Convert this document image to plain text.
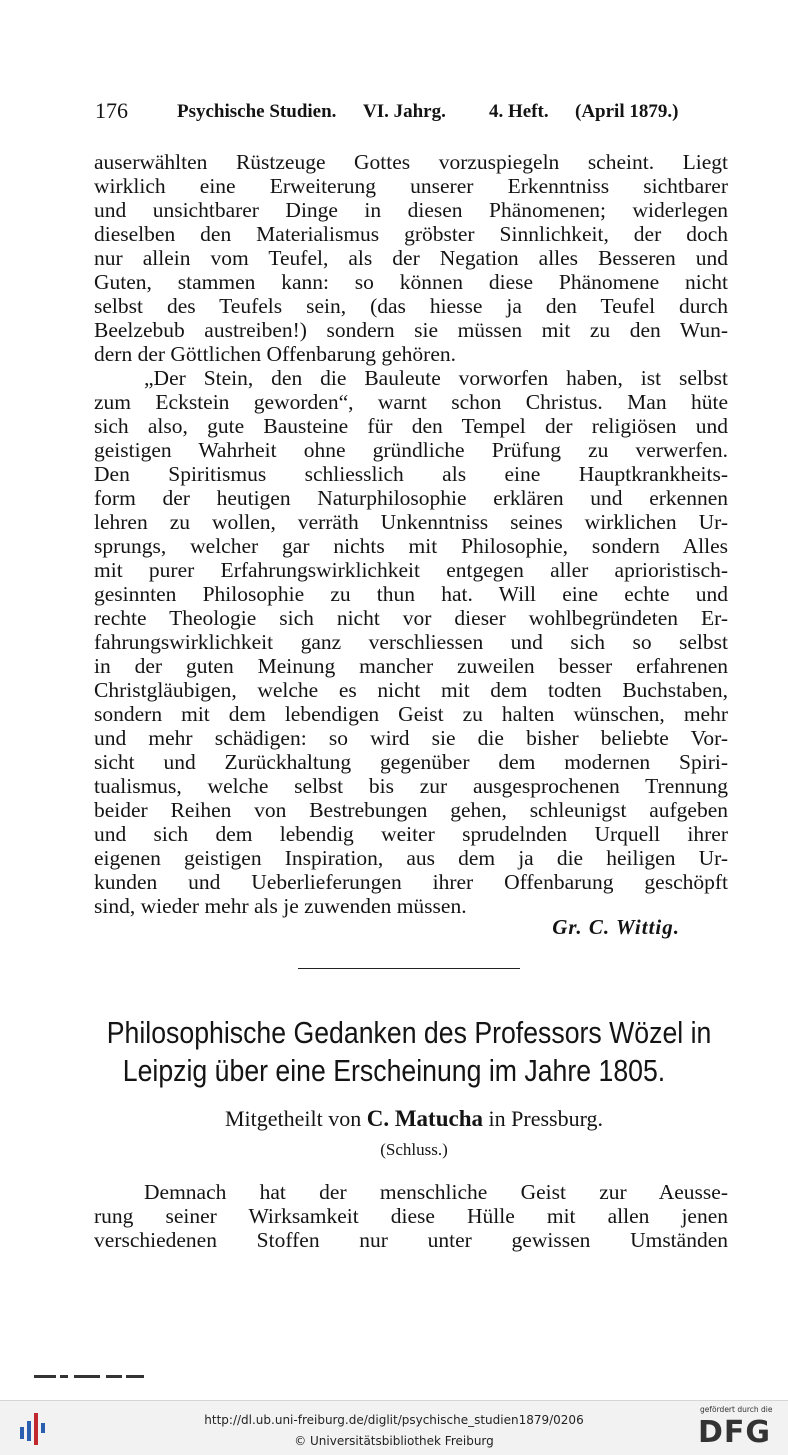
176	Psychische Studien. VI. Jahrg. 4. Heft. (April 1879.)
auserwählten Rüstzeuge Gottes vorzuspiegeln scheint. Liegt
wirklich eine Erweiterung unserer Erkenntniss sichtbarer
und unsichtbarer Dinge in diesen Phänomenen; widerlegen
dieselben den Materialismus gröbster Sinnlichkeit, der doch
nur allein vom Teufel, als der Negation alles Besseren und
Guten, stammen kann: so können diese Phänomene nicht
selbst des Teufels sein, (das hiesse ja den Teufel durch
Beelzebub austreiben!) sondern sie müssen mit zu den Wun-
dern der Göttlichen Offenbarung gehören.
„Der Stein, den die Bauleute vorworfen haben, ist selbst
zum Eckstein geworden“, warnt schon Christus. Man hüte
sich also, gute Bausteine für den Tempel der religiösen und
geistigen Wahrheit ohne gründliche Prüfung zu verwerfen.
Den Spiritismus schliesslich als eine Hauptkrankheits-
form der heutigen Naturphilosophie erklären und erkennen
lehren zu wollen, verräth Unkenntniss seines wirklichen Ur-
sprungs, welcher gar nichts mit Philosophie, sondern Alles
mit purer Erfahrungswirklichkeit entgegen aller aprioristisch-
gesinnten Philosophie zu thun hat. Will eine echte und
rechte Theologie sich nicht vor dieser wohlbegründeten Er-
fahrungswirklichkeit ganz verschliessen und sich so selbst
in der guten Meinung mancher zuweilen besser erfahrenen
Christgläubigen, welche es nicht mit dem todten Buchstaben,
sondern mit dem lebendigen Geist zu halten wünschen, mehr
und mehr schädigen: so wird sie die bisher beliebte Vor-
sicht und Zurückhaltung gegenüber dem modernen Spiri-
tualismus, welche selbst bis zur ausgesprochenen Trennung
beider Reihen von Bestrebungen gehen, schleunigst aufgeben
und sich dem lebendig weiter sprudelnden Urquell ihrer
eigenen geistigen Inspiration, aus dem ja die heiligen Ur-
kunden und Ueberlieferungen ihrer Offenbarung geschöpft
sind, wieder mehr als je zuwenden müssen.
Gr. C. Wittig.
Philosophische Gedanken des Professors Wözel in
Leipzig über eine Erscheinung im Jahre 1805.
Mitgetheilt von C. Matucha in Pressburg.
(Schluss.)
Demnach hat der menschliche Geist zur Aeusse-
rung seiner Wirksamkeit diese Hülle mit allen jenen
verschiedenen Stoffen nur unter gewissen Umständen
http://dl.ub.uni-freiburg.de/diglit/psychische_studien1879/0206
© Universitätsbibliothek Freiburg
gefördert durch die
DFG
